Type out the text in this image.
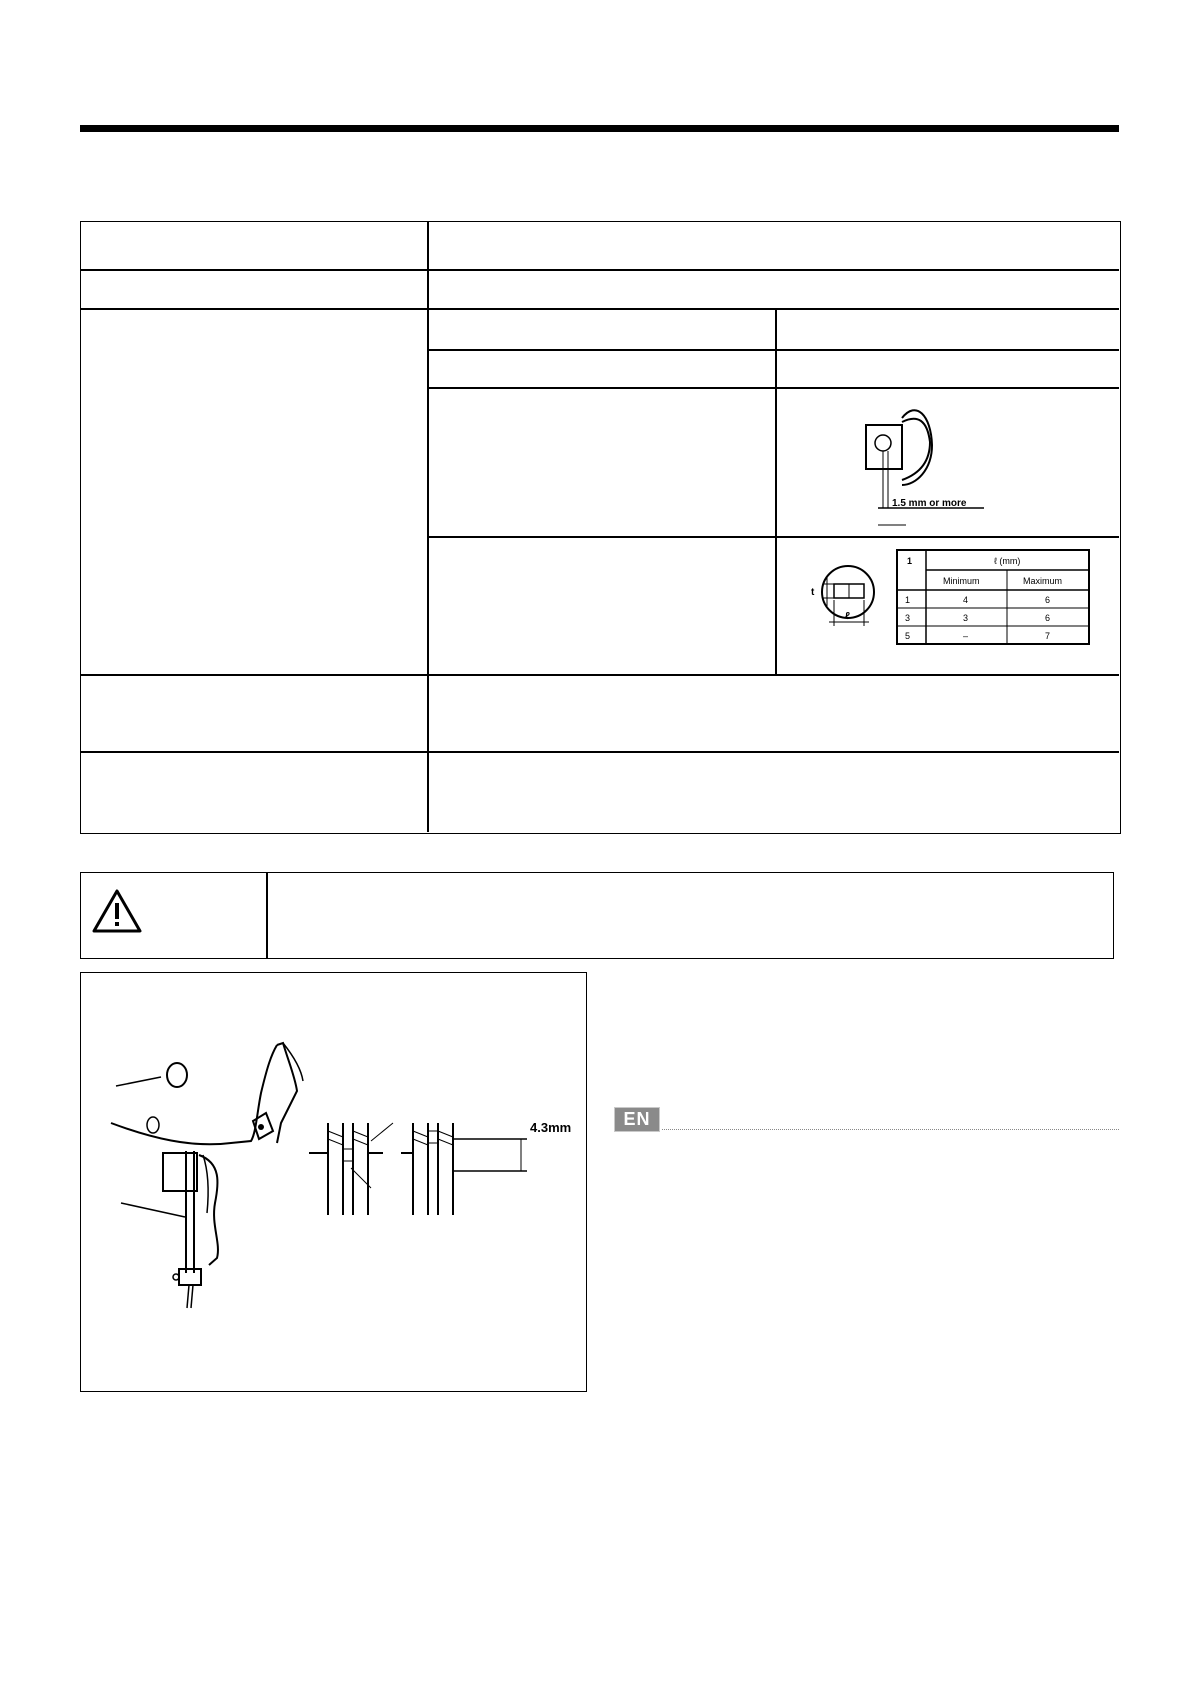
1.5 mm or more
t
ℓ
1	ℓ (mm)
Minimum	Maximum
1	4	6
3	3	6
5	–	7
4.3mm	EN
